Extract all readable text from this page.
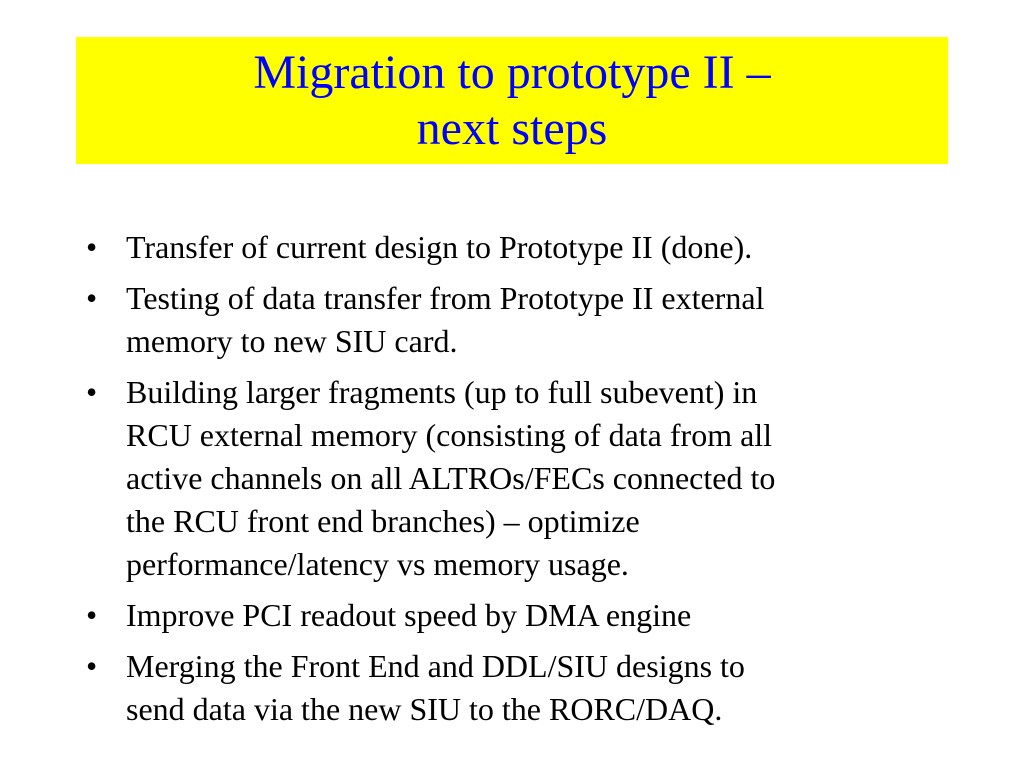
Migration to prototype II –
next steps
• Transfer of current design to Prototype II (done).
• Testing of data transfer from Prototype II external
memory to new SIU card.
• Building larger fragments (up to full subevent) in
RCU external memory (consisting of data from all
active channels on all ALTROs/FECs connected to
the RCU front end branches) – optimize
performance/latency vs memory usage.
• Improve PCI readout speed by DMA engine
• Merging the Front End and DDL/SIU designs to
send data via the new SIU to the RORC/DAQ.
